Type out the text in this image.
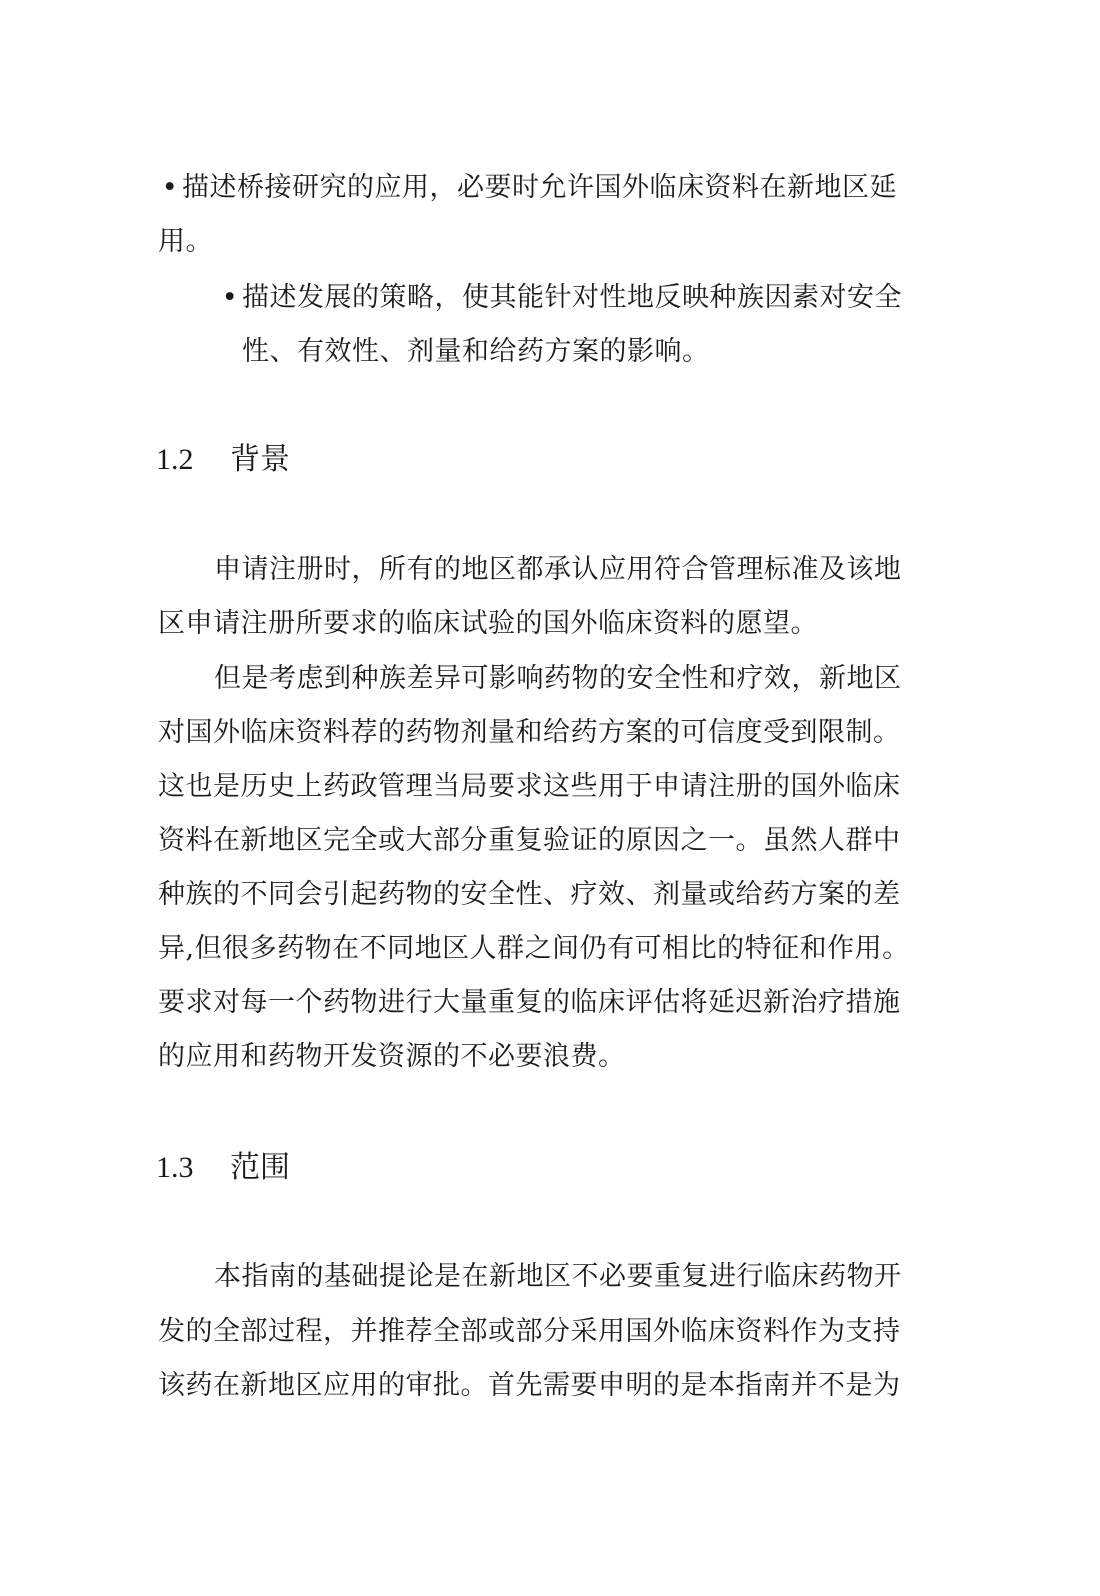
• 描述桥接研究的应用，必要时允许国外临床资料在新地区延
用。
• 描述发展的策略，使其能针对性地反映种族因素对安全
性、有效性、剂量和给药方案的影响。
1.2 背景
申请注册时，所有的地区都承认应用符合管理标准及该地
区申请注册所要求的临床试验的国外临床资料的愿望。
但是考虑到种族差异可影响药物的安全性和疗效，新地区
对国外临床资料荐的药物剂量和给药方案的可信度受到限制。
这也是历史上药政管理当局要求这些用于申请注册的国外临床
资料在新地区完全或大部分重复验证的原因之一。虽然人群中
种族的不同会引起药物的安全性、疗效、剂量或给药方案的差
异,但很多药物在不同地区人群之间仍有可相比的特征和作用。
要求对每一个药物进行大量重复的临床评估将延迟新治疗措施
的应用和药物开发资源的不必要浪费。
1.3 范围
本指南的基础提论是在新地区不必要重复进行临床药物开
发的全部过程，并推荐全部或部分采用国外临床资料作为支持
该药在新地区应用的审批。首先需要申明的是本指南并不是为
